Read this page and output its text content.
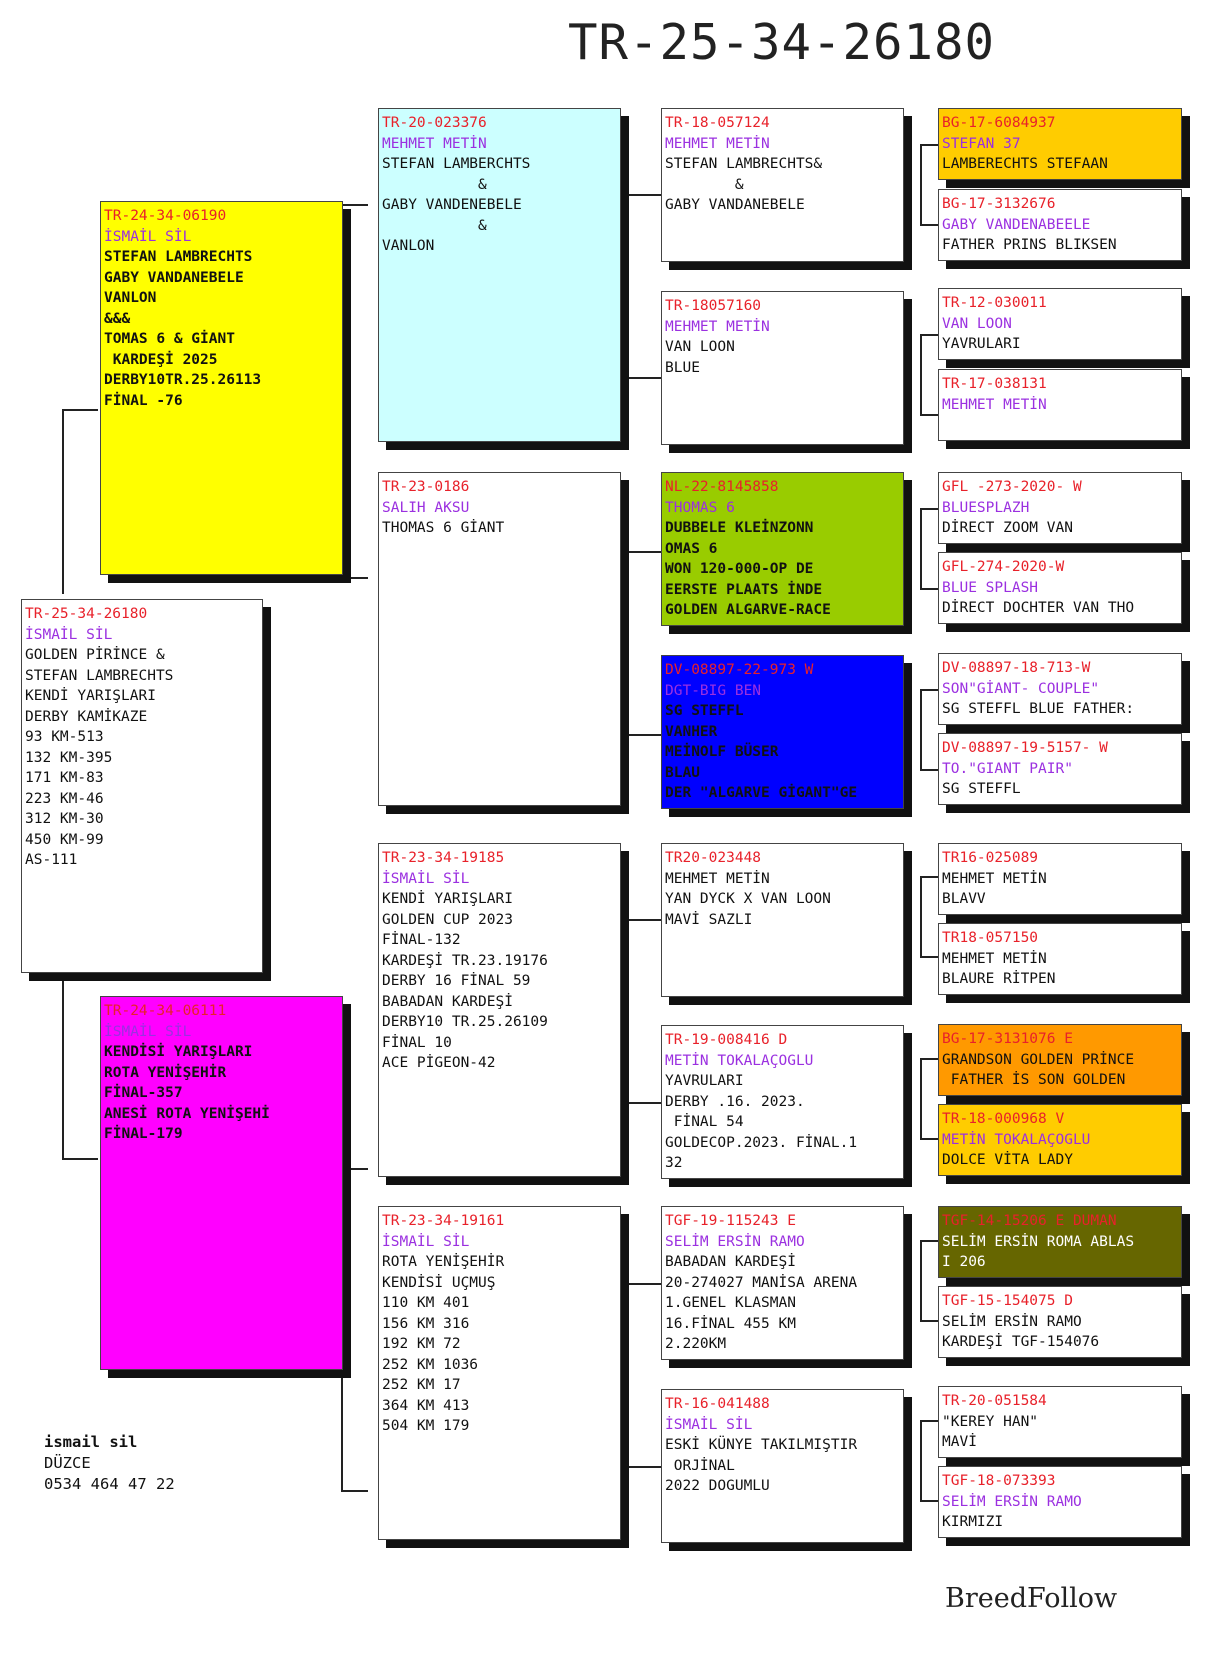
TR-25-34-26180
TR-25-34-26180
İSMAİL SİL
GOLDEN PİRİNCE &
STEFAN LAMBRECHTS
KENDİ YARIŞLARI
DERBY KAMİKAZE
93 KM-513
132 KM-395
171 KM-83
223 KM-46
312 KM-30
450 KM-99
AS-111
TR-24-34-06190
İSMAİL SİL
STEFAN LAMBRECHTS
GABY VANDANEBELE
VANLON
&&&
TOMAS 6 & GİANT
KARDEŞİ 2025
DERBY10TR.25.26113
FİNAL -76
TR-24-34-06111
İSMAİL SİL
KENDİSİ YARIŞLARI
ROTA YENİŞEHİR
FİNAL-357
ANESİ ROTA YENİŞEHİ
FİNAL-179
TR-20-023376
MEHMET METİN
STEFAN LAMBERCHTS
&
GABY VANDENEBELE
&
VANLON
TR-23-0186
SALIH AKSU
THOMAS 6 GİANT
TR-23-34-19185
İSMAİL SİL
KENDİ YARIŞLARI
GOLDEN CUP 2023
FİNAL-132
KARDEŞİ TR.23.19176
DERBY 16 FİNAL 59
BABADAN KARDEŞİ
DERBY10 TR.25.26109
FİNAL 10
ACE PİGEON-42
TR-23-34-19161
İSMAİL SİL
ROTA YENİŞEHİR
KENDİSİ UÇMUŞ
110 KM 401
156 KM 316
192 KM 72
252 KM 1036
252 KM 17
364 KM 413
504 KM 179
TR-18-057124
MEHMET METİN
STEFAN LAMBRECHTS&
&
GABY VANDANEBELE
TR-18057160
MEHMET METİN
VAN LOON
BLUE
NL-22-8145858
THOMAS 6
DUBBELE KLEİNZONN
OMAS 6
WON 120-000-OP DE
EERSTE PLAATS İNDE
GOLDEN ALGARVE-RACE
DV-08897-22-973 W
DGT-BIG BEN
SG STEFFL
VANHER
MEİNOLF BÜSER
BLAU
DER "ALGARVE GİGANT"GE
TR20-023448
MEHMET METİN
YAN DYCK X VAN LOON
MAVİ SAZLI
TR-19-008416 D
METİN TOKALAÇOGLU
YAVRULARI
DERBY .16. 2023.
FİNAL 54
GOLDECOP.2023. FİNAL.1
32
TGF-19-115243 E
SELİM ERSİN RAMO
BABADAN KARDEŞİ
20-274027 MANİSA ARENA
1.GENEL KLASMAN
16.FİNAL 455 KM
2.220KM
TR-16-041488
İSMAİL SİL
ESKİ KÜNYE TAKILMIŞTIR
ORJİNAL
2022 DOGUMLU
BG-17-6084937
STEFAN 37
LAMBERECHTS STEFAAN
BG-17-3132676
GABY VANDENABEELE
FATHER PRINS BLIKSEN
TR-12-030011
VAN LOON
YAVRULARI
TR-17-038131
MEHMET METİN
GFL -273-2020- W
BLUESPLAZH
DİRECT ZOOM VAN
GFL-274-2020-W
BLUE SPLASH
DİRECT DOCHTER VAN THO
DV-08897-18-713-W
SON"GİANT- COUPLE"
SG STEFFL BLUE FATHER:
DV-08897-19-5157- W
TO."GIANT PAIR"
SG STEFFL
TR16-025089
MEHMET METİN
BLAVV
TR18-057150
MEHMET METİN
BLAURE RİTPEN
BG-17-3131076 E
GRANDSON GOLDEN PRİNCE
FATHER İS SON GOLDEN
TR-18-000968 V
METİN TOKALAÇOGLU
DOLCE VİTA LADY
TGF-14-15206 E DUMAN
SELİM ERSİN ROMA ABLAS
I 206
TGF-15-154075 D
SELİM ERSİN RAMO
KARDEŞİ TGF-154076
TR-20-051584
"KEREY HAN"
MAVİ
TGF-18-073393
SELİM ERSİN RAMO
KIRMIZI
ismail sil
DÜZCE
0534 464 47 22
BreedFollow
